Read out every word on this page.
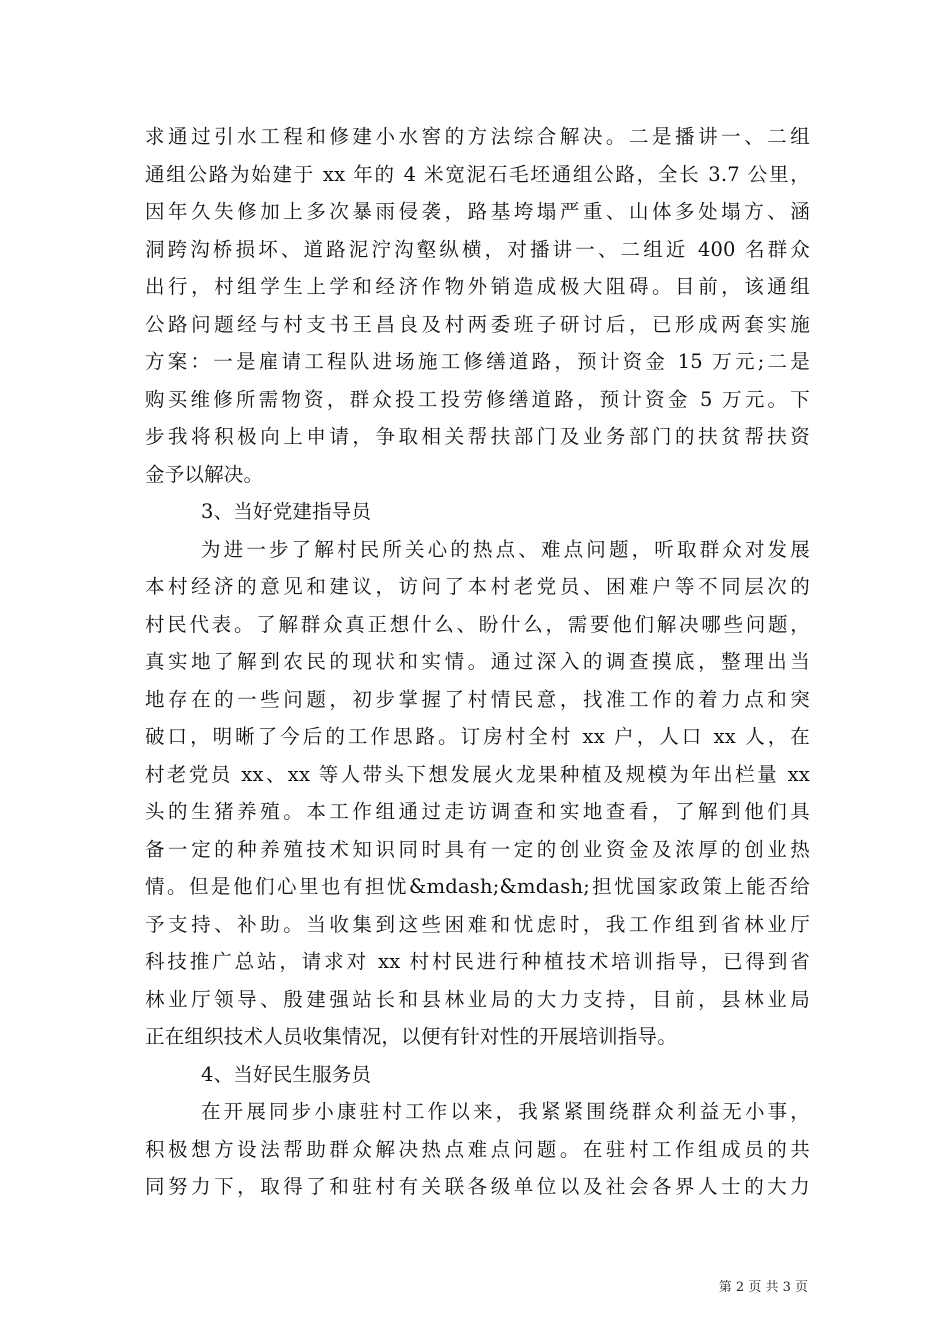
求通过引水工程和修建小水窖的方法综合解决。二是播讲一、二组
通组公路为始建于 xx 年的 4 米宽泥石毛坯通组公路，全长 3.7 公里，
因年久失修加上多次暴雨侵袭，路基垮塌严重、山体多处塌方、涵
洞跨沟桥损坏、道路泥泞沟壑纵横，对播讲一、二组近 400 名群众
出行，村组学生上学和经济作物外销造成极大阻碍。目前，该通组
公路问题经与村支书王昌良及村两委班子研讨后，已形成两套实施
方案：一是雇请工程队进场施工修缮道路，预计资金 15 万元;二是
购买维修所需物资，群众投工投劳修缮道路，预计资金 5 万元。下
步我将积极向上申请，争取相关帮扶部门及业务部门的扶贫帮扶资
金予以解决。
3、当好党建指导员
为进一步了解村民所关心的热点、难点问题，听取群众对发展
本村经济的意见和建议，访问了本村老党员、困难户等不同层次的
村民代表。了解群众真正想什么、盼什么，需要他们解决哪些问题，
真实地了解到农民的现状和实情。通过深入的调查摸底，整理出当
地存在的一些问题，初步掌握了村情民意，找准工作的着力点和突
破口，明晰了今后的工作思路。订房村全村 xx 户，人口 xx 人，在
村老党员 xx、xx 等人带头下想发展火龙果种植及规模为年出栏量 xx
头的生猪养殖。本工作组通过走访调查和实地查看，了解到他们具
备一定的种养殖技术知识同时具有一定的创业资金及浓厚的创业热
情。但是他们心里也有担忧&mdash;&mdash;担忧国家政策上能否给
予支持、补助。当收集到这些困难和忧虑时，我工作组到省林业厅
科技推广总站，请求对 xx 村村民进行种植技术培训指导，已得到省
林业厅领导、殷建强站长和县林业局的大力支持，目前，县林业局
正在组织技术人员收集情况，以便有针对性的开展培训指导。
4、当好民生服务员
在开展同步小康驻村工作以来，我紧紧围绕群众利益无小事，
积极想方设法帮助群众解决热点难点问题。在驻村工作组成员的共
同努力下，取得了和驻村有关联各级单位以及社会各界人士的大力
第 2 页 共 3 页
